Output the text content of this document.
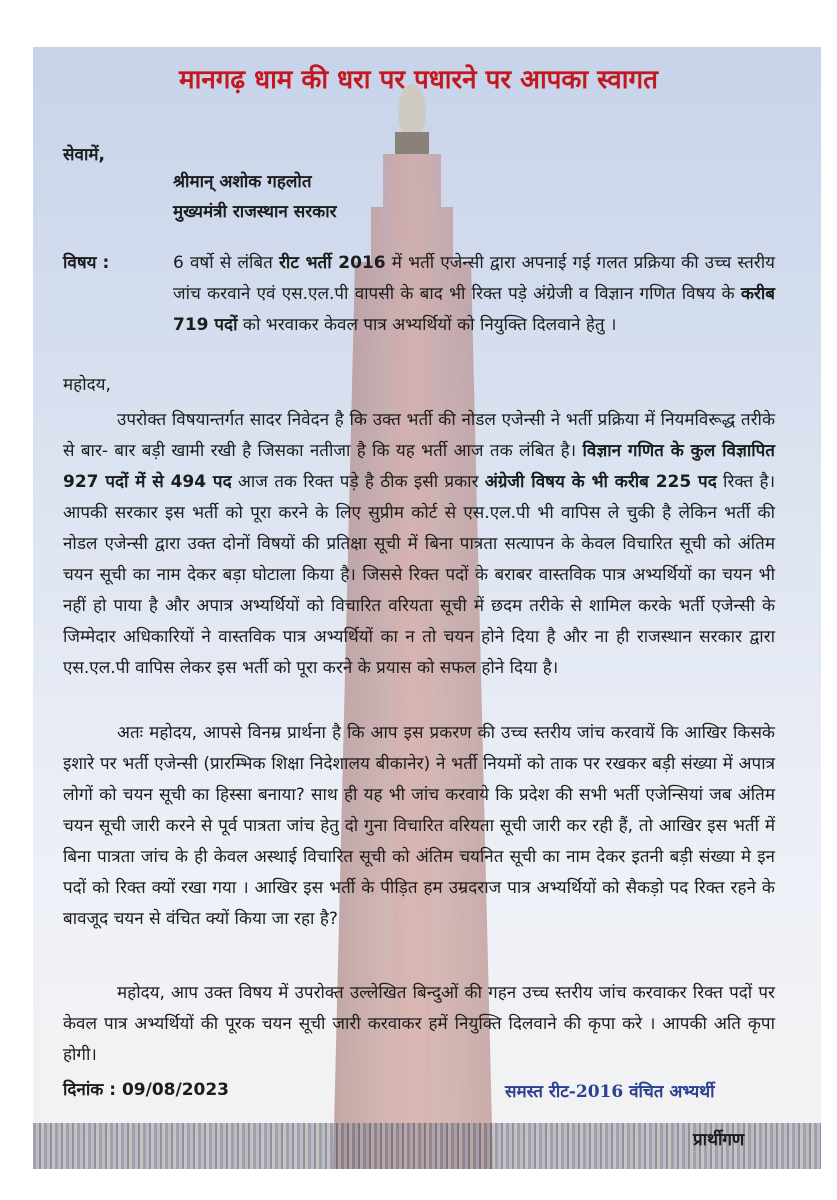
मानगढ़ धाम की धरा पर पधारने पर आपका स्वागत
सेवामें,
श्रीमान् अशोक गहलोत
मुख्यमंत्री राजस्थान सरकार
विषय :	6 वर्षो से लंबित रीट भर्ती 2016 में भर्ती एजेन्सी द्वारा अपनाई गई गलत प्रक्रिया की उच्च स्तरीय जांच करवाने एवं एस.एल.पी वापसी के बाद भी रिक्त पड़े अंग्रेजी व विज्ञान गणित विषय के करीब 719 पदों को भरवाकर केवल पात्र अभ्यर्थियों को नियुक्ति दिलवाने हेतु ।
महोदय,
उपरोक्त विषयान्तर्गत सादर निवेदन है कि उक्त भर्ती की नोडल एजेन्सी ने भर्ती प्रक्रिया में नियमविरूद्ध तरीके से बार- बार बड़ी खामी रखी है जिसका नतीजा है कि यह भर्ती आज तक लंबित है। विज्ञान गणित के कुल विज्ञापित 927 पदों में से 494 पद आज तक रिक्त पड़े है ठीक इसी प्रकार अंग्रेजी विषय के भी करीब 225 पद रिक्त है। आपकी सरकार इस भर्ती को पूरा करने के लिए सुप्रीम कोर्ट से एस.एल.पी भी वापिस ले चुकी है लेकिन भर्ती की नोडल एजेन्सी द्वारा उक्त दोनों विषयों की प्रतिक्षा सूची में बिना पात्रता सत्यापन के केवल विचारित सूची को अंतिम चयन सूची का नाम देकर बड़ा घोटाला किया है। जिससे रिक्त पदों के बराबर वास्तविक पात्र अभ्यर्थियों का चयन भी नहीं हो पाया है और अपात्र अभ्यर्थियों को विचारित वरियता सूची में छदम तरीके से शामिल करके भर्ती एजेन्सी के जिम्मेदार अधिकारियों ने वास्तविक पात्र अभ्यर्थियों का न तो चयन होने दिया है और ना ही राजस्थान सरकार द्वारा एस.एल.पी वापिस लेकर इस भर्ती को पूरा करने के प्रयास को सफल होने दिया है।
अतः महोदय, आपसे विनम्र प्रार्थना है कि आप इस प्रकरण की उच्च स्तरीय जांच करवायें कि आखिर किसके इशारे पर भर्ती एजेन्सी (प्रारम्भिक शिक्षा निदेशालय बीकानेर) ने भर्ती नियमों को ताक पर रखकर बड़ी संख्या में अपात्र लोगों को चयन सूची का हिस्सा बनाया? साथ ही यह भी जांच करवाये कि प्रदेश की सभी भर्ती एजेन्सियां जब अंतिम चयन सूची जारी करने से पूर्व पात्रता जांच हेतु दो गुना विचारित वरियता सूची जारी कर रही हैं, तो आखिर इस भर्ती में बिना पात्रता जांच के ही केवल अस्थाई विचारित सूची को अंतिम चयनित सूची का नाम देकर इतनी बड़ी संख्या मे इन पदों को रिक्त क्यों रखा गया । आखिर इस भर्ती के पीड़ित हम उम्रदराज पात्र अभ्यर्थियों को सैकड़ो पद रिक्त रहने के बावजूद चयन से वंचित क्यों किया जा रहा है?
महोदय, आप उक्त विषय में उपरोक्त उल्लेखित बिन्दुओं की गहन उच्च स्तरीय जांच करवाकर रिक्त पदों पर केवल पात्र अभ्यर्थियों की पूरक चयन सूची जारी करवाकर हमें नियुक्ति दिलवाने की कृपा करे । आपकी अति कृपा होगी।
दिनांक : 09/08/2023	समस्त रीट-2016 वंचित अभ्यर्थी
प्रार्थीगण
